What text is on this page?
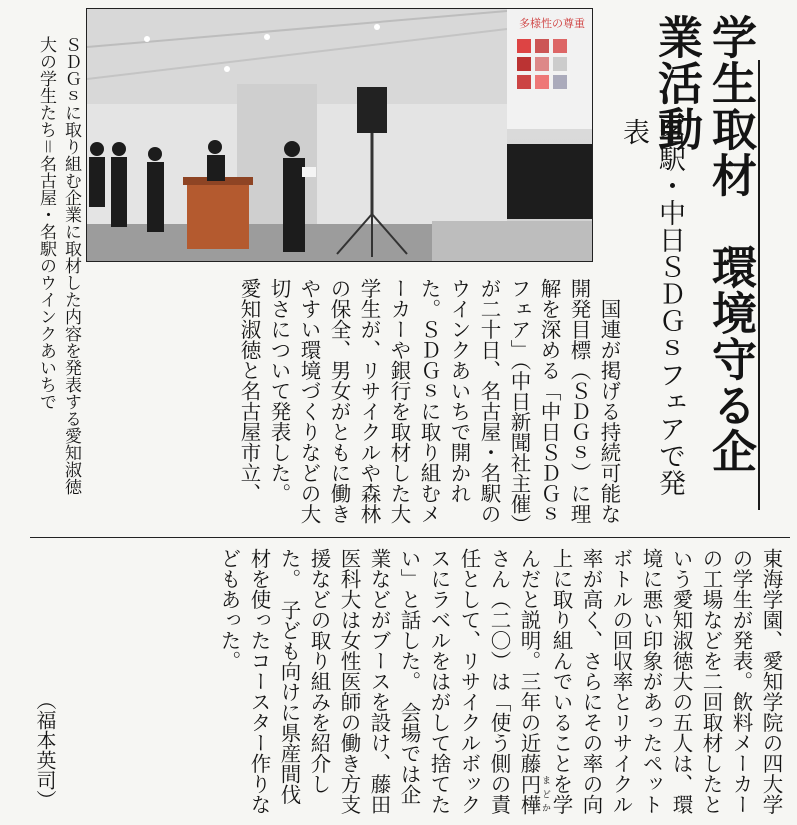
多様性の尊重	学生取材　環境守る企業活動
名駅・中日ＳＤＧｓフェアで発表
　国連が掲げる持続可能な開発目標（ＳＤＧｓ）に理解を深める「中日ＳＤＧｓフェア」（中日新聞社主催）が二十日、名古屋・名駅のウインクあいちで開かれた。ＳＤＧｓに取り組むメーカーや銀行を取材した大学生が、リサイクルや森林の保全、男女がともに働きやすい環境づくりなどの大切さについて発表した。　愛知淑徳と名古屋市立、
ＳＤＧｓに取り組む企業に取材した内容を発表する愛知淑徳大の学生たち＝名古屋・名駅のウインクあいちで
東海学園、愛知学院の四大学の学生が発表。飲料メーカーの工場などを二回取材したという愛知淑徳大の五人は、環境に悪い印象があったペットボトルの回収率とリサイクル率が高く、さらにその率の向上に取り組んでいることを学んだと説明。三年の近藤円樺 まどかさん（二〇）は「使う側の責任として、リサイクルボックスにラベルをはがして捨てたい」と話した。　会場では企業などがブースを設け、藤田医科大は女性医師の働き方支援などの取り組みを紹介した。　子ども向けに県産間伐材を使ったコースター作りなどもあった。
（福本英司）
